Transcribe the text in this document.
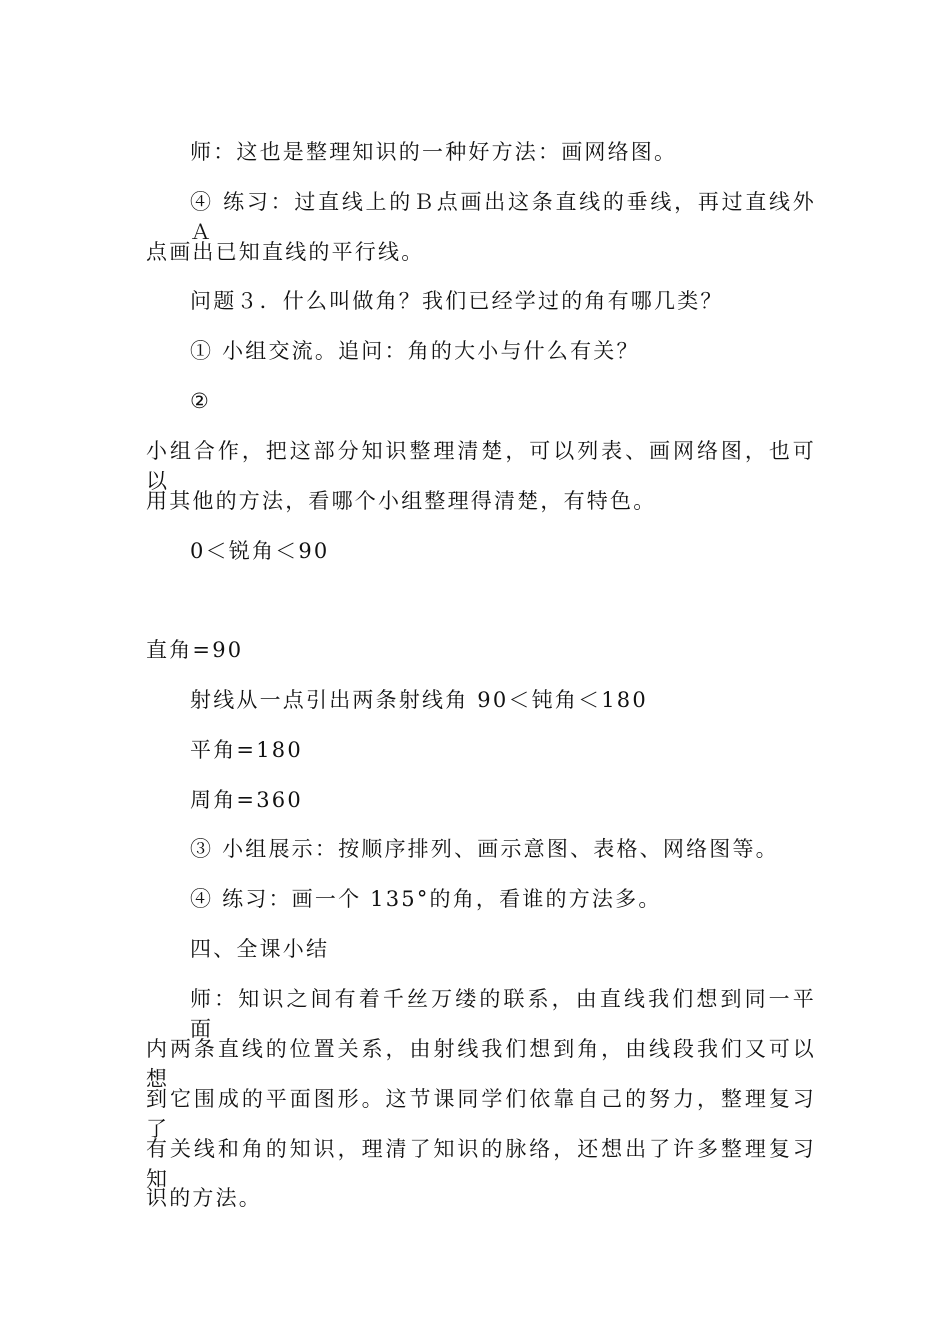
师：这也是整理知识的一种好方法：画网络图。

④ 练习：过直线上的Ｂ点画出这条直线的垂线，再过直线外Ａ

点画出已知直线的平行线。

问题３．什么叫做角？我们已经学过的角有哪几类？

① 小组交流。追问：角的大小与什么有关？

②

小组合作，把这部分知识整理清楚，可以列表、画网络图，也可以

用其他的方法，看哪个小组整理得清楚，有特色。

0＜锐角＜90

直角=90

射线从一点引出两条射线角 90＜钝角＜180

平角=180

周角=360

③ 小组展示：按顺序排列、画示意图、表格、网络图等。

④ 练习：画一个 135°的角，看谁的方法多。

四、全课小结

师：知识之间有着千丝万缕的联系，由直线我们想到同一平面

内两条直线的位置关系，由射线我们想到角，由线段我们又可以想

到它围成的平面图形。这节课同学们依靠自己的努力，整理复习了

有关线和角的知识，理清了知识的脉络，还想出了许多整理复习知

识的方法。
